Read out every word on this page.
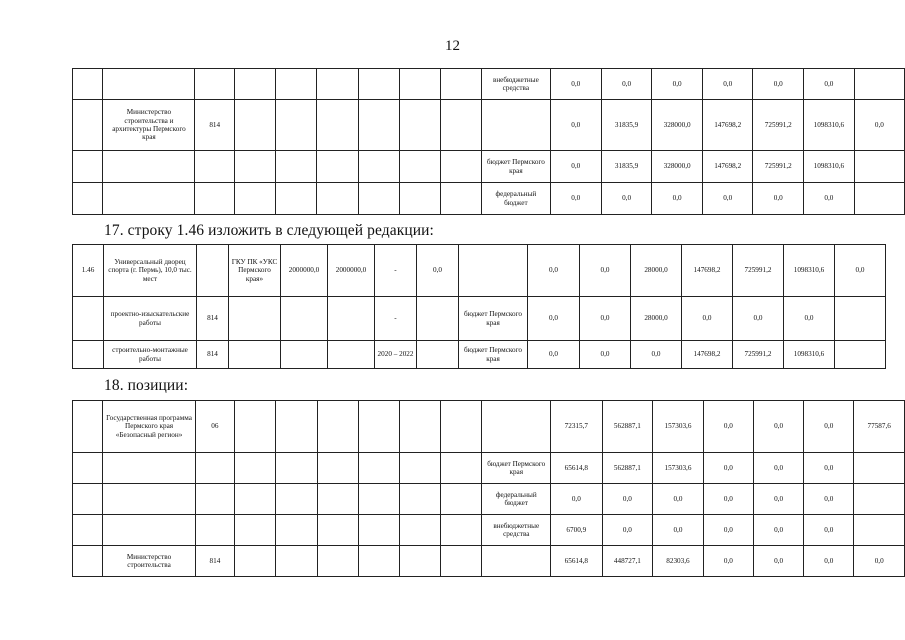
12
									внебюджетные средства	0,0	0,0	0,0	0,0	0,0	0,0	
	Министерство строительства и архитектуры Пермского края	814								0,0	31835,9	328000,0	147698,2	725991,2	1098310,6	0,0
									бюджет Пермского края	0,0	31835,9	328000,0	147698,2	725991,2	1098310,6	
									федеральный бюджет	0,0	0,0	0,0	0,0	0,0	0,0	
17. строку 1.46 изложить в следующей редакции:
1.46	Универсальный дворец спорта (г. Пермь), 10,0 тыс. мест		ГКУ ПК «УКС Пермского края»	2000000,0	2000000,0	-	0,0		0,0	0,0	28000,0	147698,2	725991,2	1098310,6	0,0
	проектно-изыскательские работы	814				-		бюджет Пермского края	0,0	0,0	28000,0	0,0	0,0	0,0	
	строительно-монтажные работы	814				2020 – 2022		бюджет Пермского края	0,0	0,0	0,0	147698,2	725991,2	1098310,6	
18. позиции:
	Государственная программа Пермского края «Безопасный регион»	06								72315,7	562887,1	157303,6	0,0	0,0	0,0	77587,6
									бюджет Пермского края	65614,8	562887,1	157303,6	0,0	0,0	0,0	
									федеральный бюджет	0,0	0,0	0,0	0,0	0,0	0,0	
									внебюджетные средства	6700,9	0,0	0,0	0,0	0,0	0,0	
	Министерство строительства	814								65614,8	448727,1	82303,6	0,0	0,0	0,0	0,0
